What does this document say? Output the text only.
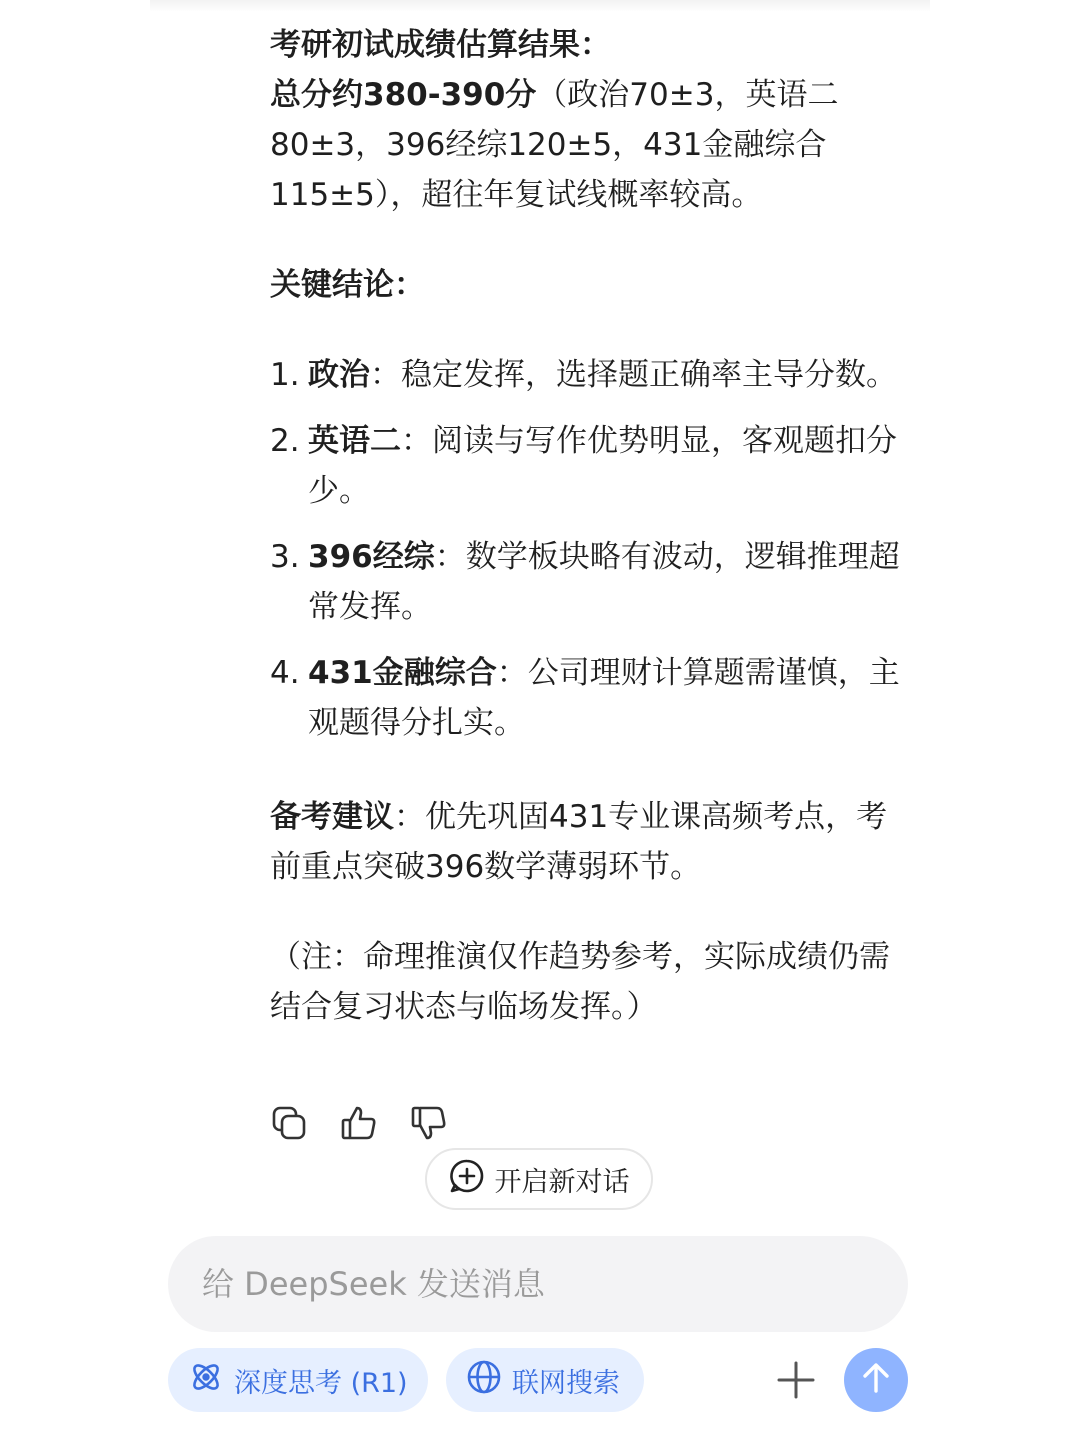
考研初试成绩估算结果：

总分约380-390分（政治70±3，英语二80±3，396经综120±5，431金融综合115±5），超往年复试线概率较高。

关键结论：

1. 政治：稳定发挥，选择题正确率主导分数。
2. 英语二：阅读与写作优势明显，客观题扣分少。
3. 396经综：数学板块略有波动，逻辑推理超常发挥。
4. 431金融综合：公司理财计算题需谨慎，主观题得分扎实。

备考建议：优先巩固431专业课高频考点，考前重点突破396数学薄弱环节。

（注：命理推演仅作趋势参考，实际成绩仍需结合复习状态与临场发挥。）

开启新对话
给 DeepSeek 发送消息
深度思考 (R1)	联网搜索
